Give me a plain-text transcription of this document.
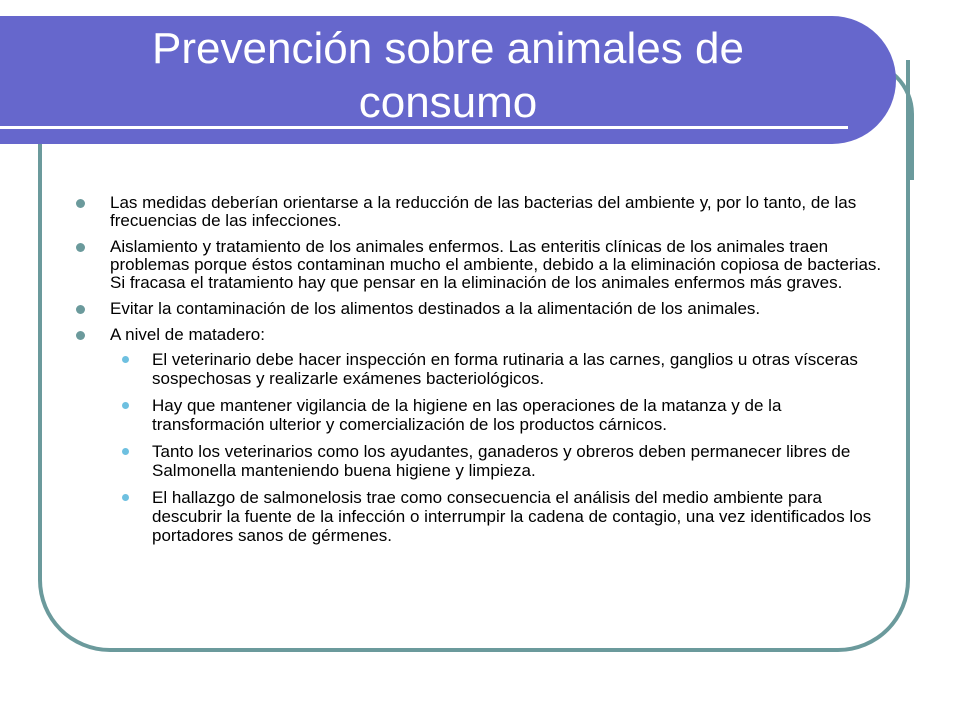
Prevención sobre animales de consumo
Las medidas deberían orientarse a la reducción de las bacterias del ambiente y, por lo tanto, de las frecuencias de las infecciones.
Aislamiento y tratamiento de los animales enfermos. Las enteritis clínicas de los animales traen problemas porque éstos contaminan mucho el ambiente, debido a la eliminación copiosa de bacterias. Si fracasa el tratamiento hay que pensar en la eliminación de los animales enfermos más graves.
Evitar la contaminación de los alimentos destinados a la alimentación de los animales.
A nivel de matadero:
El veterinario debe hacer inspección en forma rutinaria a las carnes, ganglios u otras vísceras sospechosas y realizarle exámenes bacteriológicos.
Hay que mantener vigilancia de la higiene en las operaciones de la matanza y de la transformación ulterior y comercialización de los productos cárnicos.
Tanto los veterinarios como los ayudantes, ganaderos y obreros deben permanecer libres de Salmonella manteniendo buena higiene y limpieza.
El hallazgo de salmonelosis trae como consecuencia el análisis del medio ambiente para descubrir la fuente de la infección o interrumpir la cadena de contagio, una vez identificados los portadores sanos de gérmenes.
